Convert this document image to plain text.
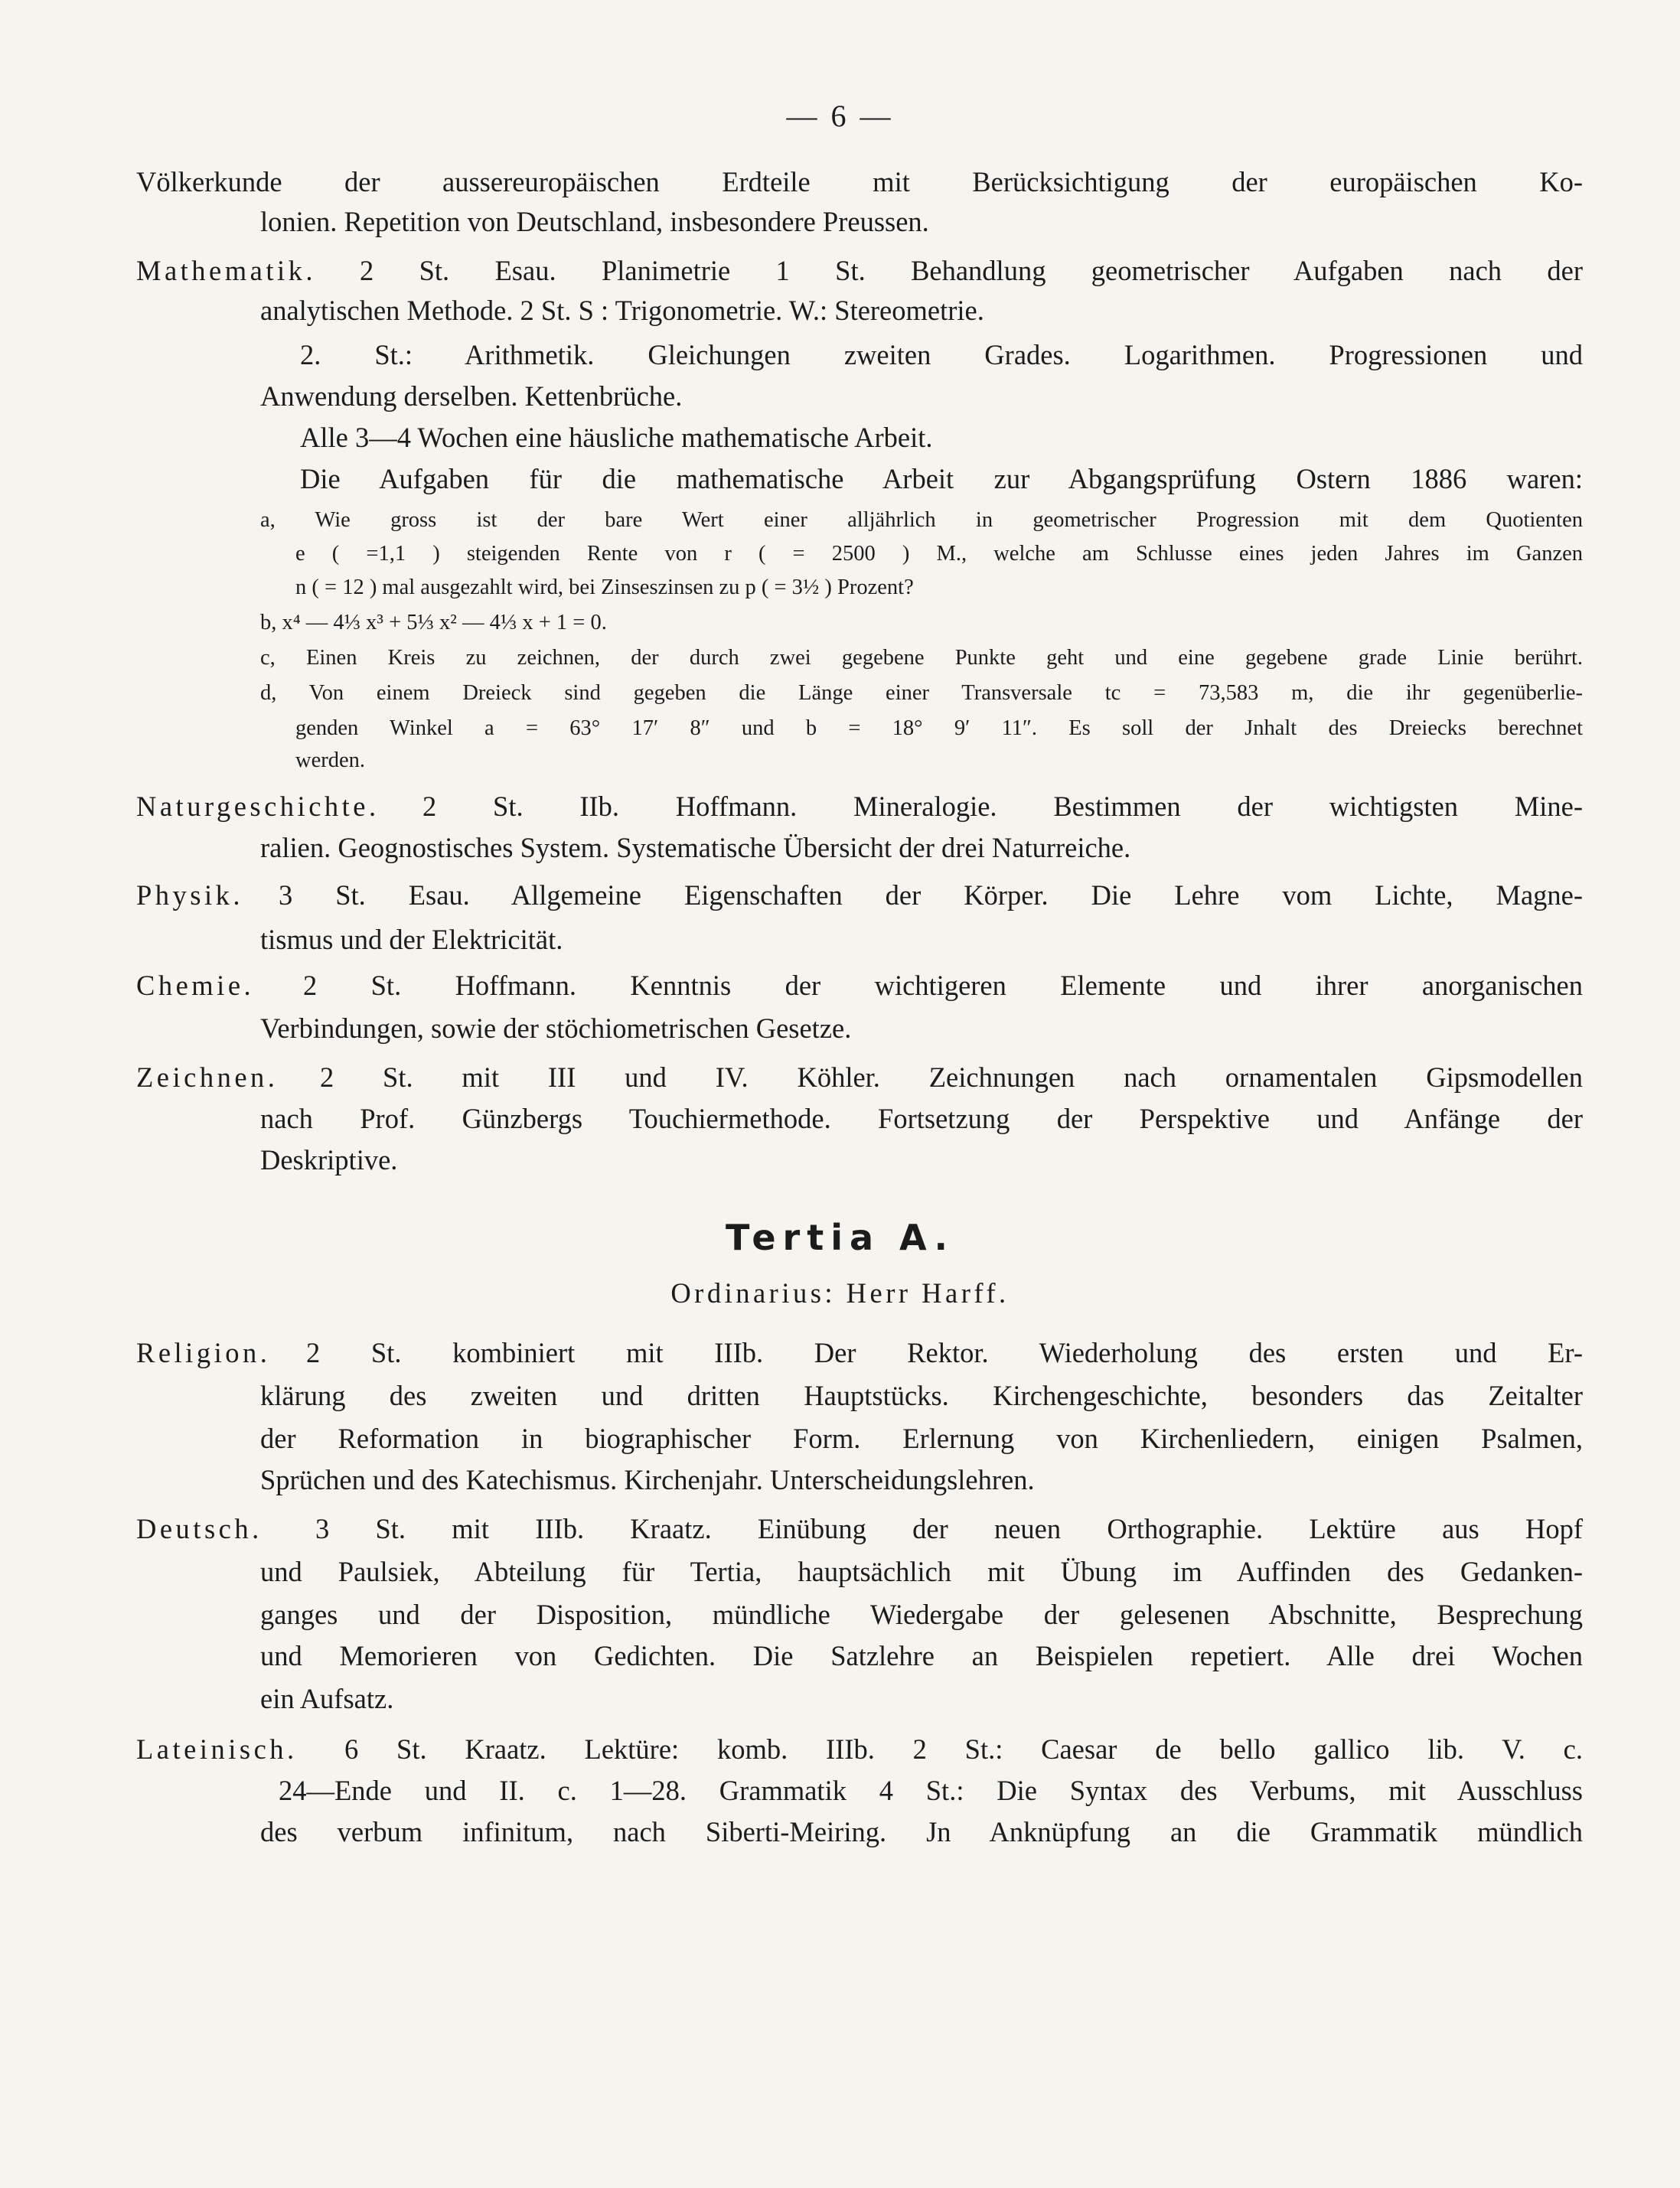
— 6 —
Völkerkunde der aussereuropäischen Erdteile mit Berücksichtigung der europäischen Ko-
lonien. Repetition von Deutschland, insbesondere Preussen.
Mathematik. 2 St. Esau. Planimetrie 1 St. Behandlung geometrischer Aufgaben nach der
analytischen Methode. 2 St. S : Trigonometrie. W.: Stereometrie.
2. St.: Arithmetik. Gleichungen zweiten Grades. Logarithmen. Progressionen und
Anwendung derselben. Kettenbrüche.
Alle 3—4 Wochen eine häusliche mathematische Arbeit.
Die Aufgaben für die mathematische Arbeit zur Abgangsprüfung Ostern 1886 waren:
a, Wie gross ist der bare Wert einer alljährlich in geometrischer Progression mit dem Quotienten
e ( =1,1 ) steigenden Rente von r ( = 2500 ) M., welche am Schlusse eines jeden Jahres im Ganzen
n ( = 12 ) mal ausgezahlt wird, bei Zinseszinsen zu p ( = 3½ ) Prozent?
b, x⁴ — 4⅓ x³ + 5⅓ x² — 4⅓ x + 1 = 0.
c, Einen Kreis zu zeichnen, der durch zwei gegebene Punkte geht und eine gegebene grade Linie berührt.
d, Von einem Dreieck sind gegeben die Länge einer Transversale tc = 73,583 m, die ihr gegenüberlie-
genden Winkel a = 63° 17′ 8″ und b = 18° 9′ 11″. Es soll der Jnhalt des Dreiecks berechnet
werden.
Naturgeschichte. 2 St. IIb. Hoffmann. Mineralogie. Bestimmen der wichtigsten Mine-
ralien. Geognostisches System. Systematische Übersicht der drei Naturreiche.
Physik. 3 St. Esau. Allgemeine Eigenschaften der Körper. Die Lehre vom Lichte, Magne-
tismus und der Elektricität.
Chemie. 2 St. Hoffmann. Kenntnis der wichtigeren Elemente und ihrer anorganischen
Verbindungen, sowie der stöchiometrischen Gesetze.
Zeichnen. 2 St. mit III und IV. Köhler. Zeichnungen nach ornamentalen Gipsmodellen
nach Prof. Günzbergs Touchiermethode. Fortsetzung der Perspektive und Anfänge der
Deskriptive.
Tertia A.
Ordinarius: Herr Harff.
Religion. 2 St. kombiniert mit IIIb. Der Rektor. Wiederholung des ersten und Er-
klärung des zweiten und dritten Hauptstücks. Kirchengeschichte, besonders das Zeitalter
der Reformation in biographischer Form. Erlernung von Kirchenliedern, einigen Psalmen,
Sprüchen und des Katechismus. Kirchenjahr. Unterscheidungslehren.
Deutsch. 3 St. mit IIIb. Kraatz. Einübung der neuen Orthographie. Lektüre aus Hopf
und Paulsiek, Abteilung für Tertia, hauptsächlich mit Übung im Auffinden des Gedanken-
ganges und der Disposition, mündliche Wiedergabe der gelesenen Abschnitte, Besprechung
und Memorieren von Gedichten. Die Satzlehre an Beispielen repetiert. Alle drei Wochen
ein Aufsatz.
Lateinisch. 6 St. Kraatz. Lektüre: komb. IIIb. 2 St.: Caesar de bello gallico lib. V. c.
24—Ende und II. c. 1—28. Grammatik 4 St.: Die Syntax des Verbums, mit Ausschluss
des verbum infinitum, nach Siberti-Meiring. Jn Anknüpfung an die Grammatik mündlich
